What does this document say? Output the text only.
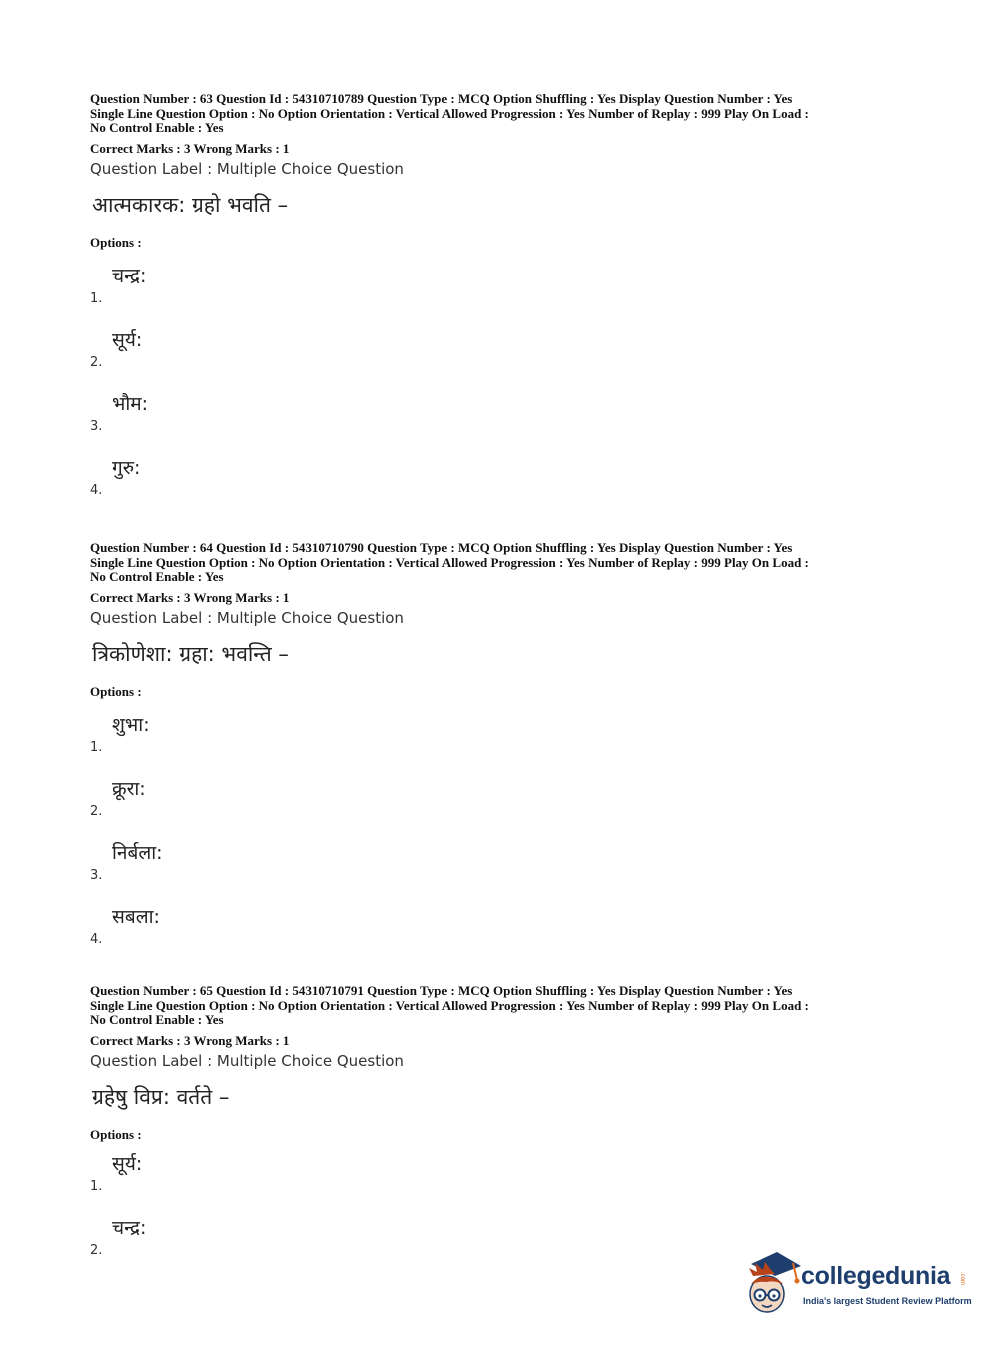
Question Number : 63 Question Id : 54310710789 Question Type : MCQ Option Shuffling : Yes Display Question Number : Yes

Single Line Question Option : No Option Orientation : Vertical Allowed Progression : Yes Number of Replay : 999 Play On Load :

No Control Enable : Yes

Correct Marks : 3 Wrong Marks : 1

Question Label : Multiple Choice Question

आत्मकारक: ग्रहो भवति –

Options :

1.
चन्द्र:
2.
सूर्य:
3.
भौम:
4.
गुरु:

Question Number : 64 Question Id : 54310710790 Question Type : MCQ Option Shuffling : Yes Display Question Number : Yes

Single Line Question Option : No Option Orientation : Vertical Allowed Progression : Yes Number of Replay : 999 Play On Load :

No Control Enable : Yes

Correct Marks : 3 Wrong Marks : 1

Question Label : Multiple Choice Question

त्रिकोणेशा: ग्रहा: भवन्ति –

Options :

1.
शुभा:
2.
क्रूरा:
3.
निर्बला:
4.
सबला:

Question Number : 65 Question Id : 54310710791 Question Type : MCQ Option Shuffling : Yes Display Question Number : Yes

Single Line Question Option : No Option Orientation : Vertical Allowed Progression : Yes Number of Replay : 999 Play On Load :

No Control Enable : Yes

Correct Marks : 3 Wrong Marks : 1

Question Label : Multiple Choice Question

ग्रहेषु विप्र: वर्तते –

Options :

1.
सूर्य:
2.
चन्द्र:
collegedunia .com
India's largest Student Review Platform
